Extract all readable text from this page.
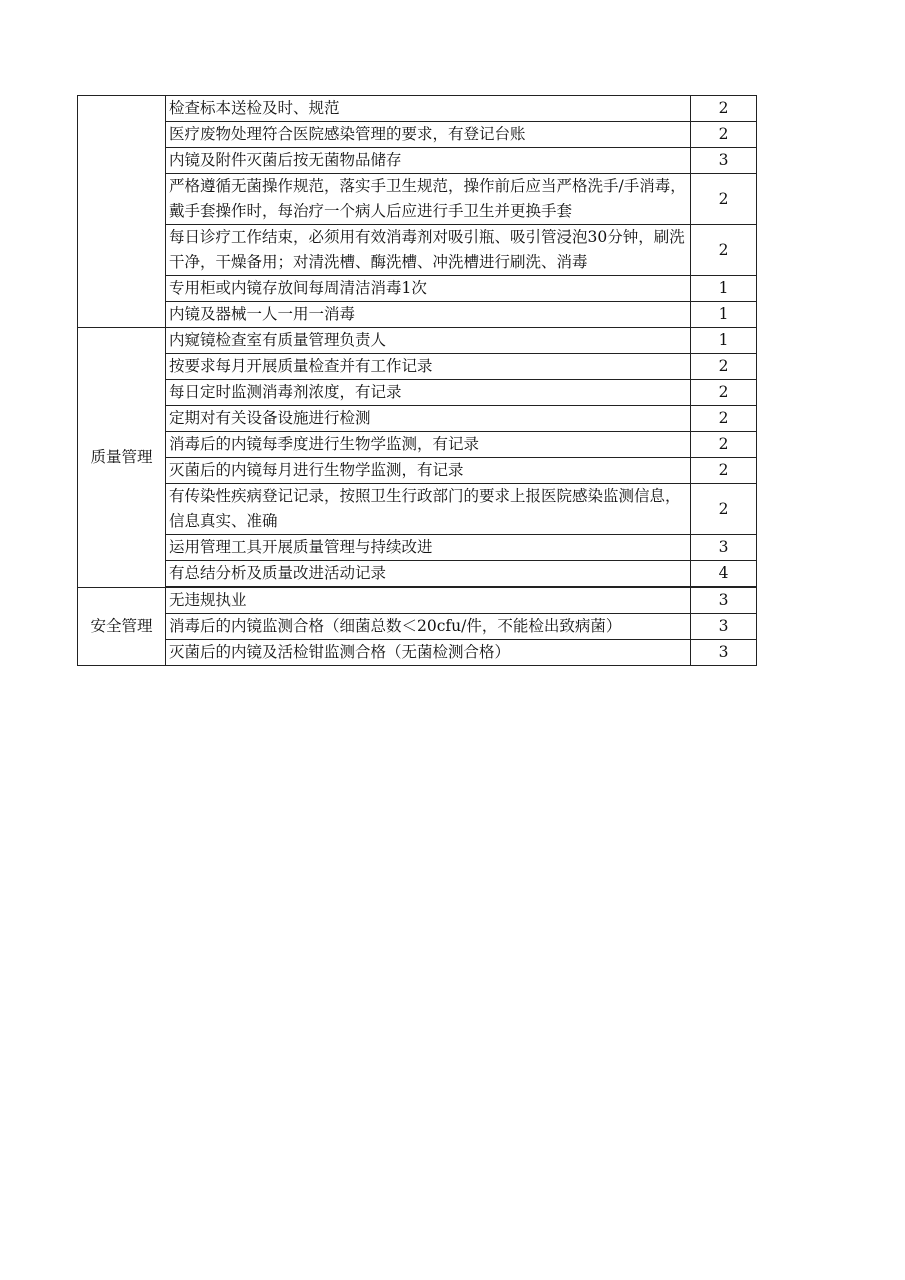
	检查标本送检及时、规范	2
	医疗废物处理符合医院感染管理的要求，有登记台账	2
	内镜及附件灭菌后按无菌物品储存	3
	严格遵循无菌操作规范，落实手卫生规范，操作前后应当严格洗手/手消毒，戴手套操作时，每治疗一个病人后应进行手卫生并更换手套	2
	每日诊疗工作结束，必须用有效消毒剂对吸引瓶、吸引管浸泡30分钟，刷洗干净，干燥备用；对清洗槽、酶洗槽、冲洗槽进行刷洗、消毒	2
	专用柜或内镜存放间每周清洁消毒1次	1
	内镜及器械一人一用一消毒	1
质量管理	内窥镜检查室有质量管理负责人	1
	按要求每月开展质量检查并有工作记录	2
	每日定时监测消毒剂浓度，有记录	2
	定期对有关设备设施进行检测	2
	消毒后的内镜每季度进行生物学监测，有记录	2
	灭菌后的内镜每月进行生物学监测，有记录	2
	有传染性疾病登记记录，按照卫生行政部门的要求上报医院感染监测信息，信息真实、准确	2
	运用管理工具开展质量管理与持续改进	3
	有总结分析及质量改进活动记录	4

安全管理	无违规执业	3
	消毒后的内镜监测合格（细菌总数＜20cfu/件，不能检出致病菌）	3
	灭菌后的内镜及活检钳监测合格（无菌检测合格）	3
